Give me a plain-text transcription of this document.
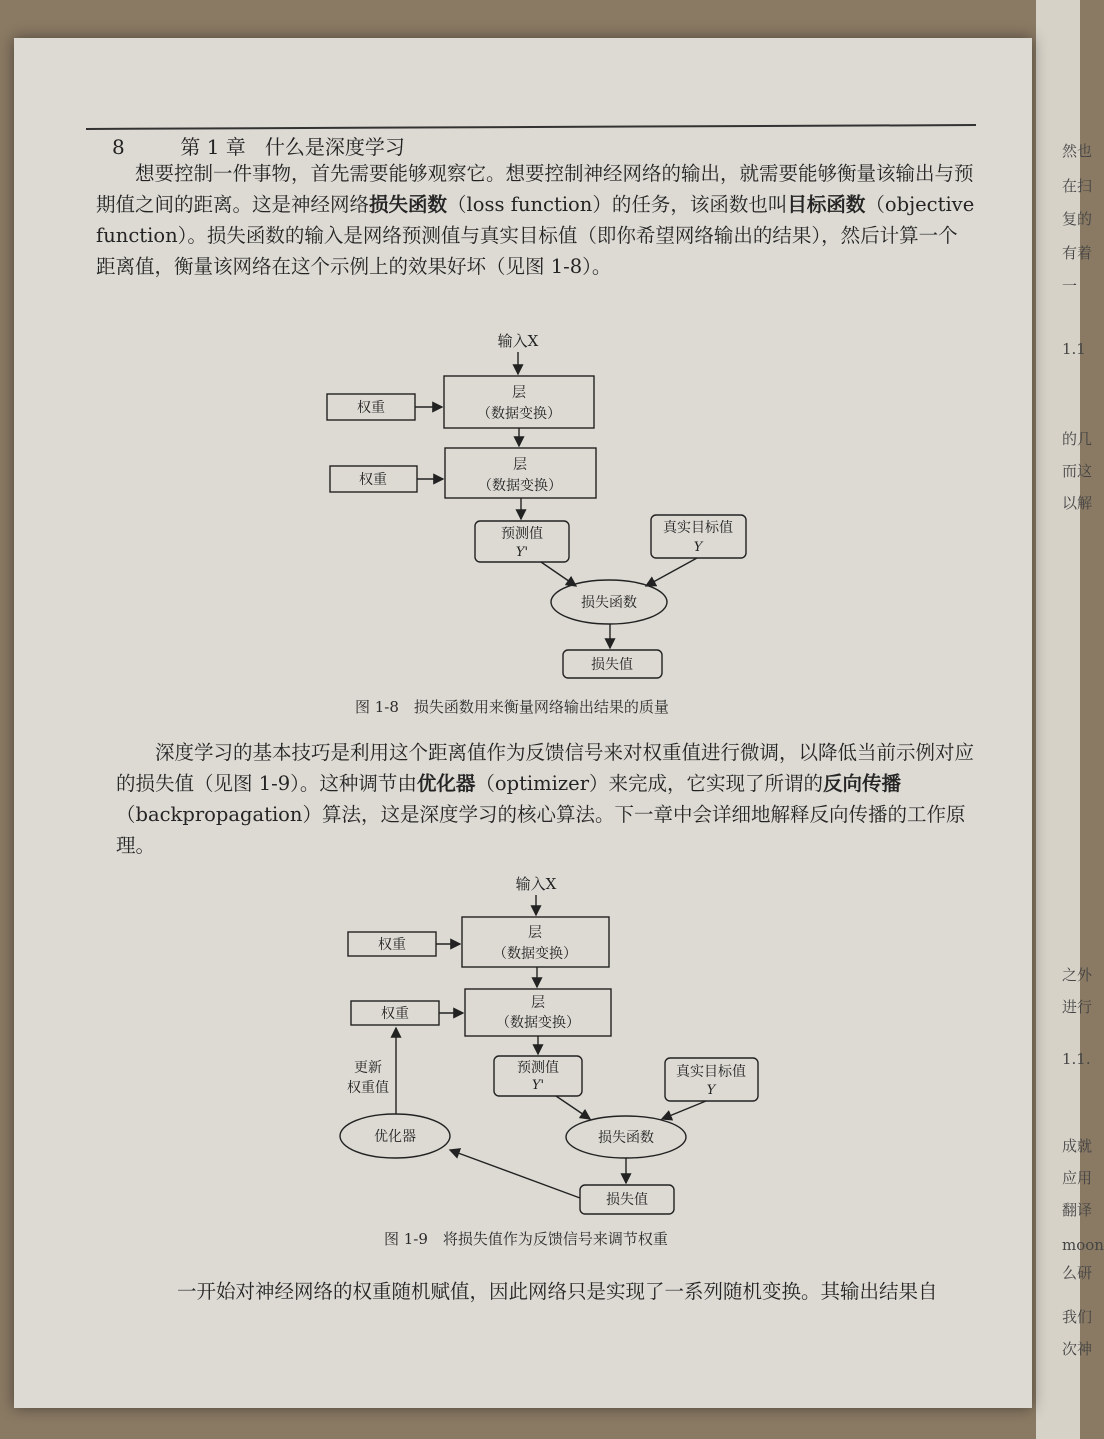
然也
在扫
复的
有着
一
1.1
的几
而这
以解
之外
进行
1.1.
成就
应用
翻译
moon
么研
我们
次神
8	第 1 章 什么是深度学习

想要控制一件事物，首先需要能够观察它。想要控制神经网络的输出，就需要能够衡量该输出与预期值之间的距离。这是神经网络损失函数（loss function）的任务，该函数也叫目标函数（objective function）。损失函数的输入是网络预测值与真实目标值（即你希望网络输出的结果），然后计算一个距离值，衡量该网络在这个示例上的效果好坏（见图 1-8）。

输入X
层
（数据变换）
权重
层
（数据变换）
权重
预测值
Y'
真实目标值
Y
损失函数
损失值
图 1-8　损失函数用来衡量网络输出结果的质量

深度学习的基本技巧是利用这个距离值作为反馈信号来对权重值进行微调，以降低当前示例对应的损失值（见图 1-9）。这种调节由优化器（optimizer）来完成，它实现了所谓的反向传播（backpropagation）算法，这是深度学习的核心算法。下一章中会详细地解释反向传播的工作原理。

输入X
层
（数据变换）
权重
层
（数据变换）
权重
更新
权重值
预测值
Y'
真实目标值
Y
损失函数
损失值
优化器
图 1-9　将损失值作为反馈信号来调节权重

一开始对神经网络的权重随机赋值，因此网络只是实现了一系列随机变换。其输出结果自
